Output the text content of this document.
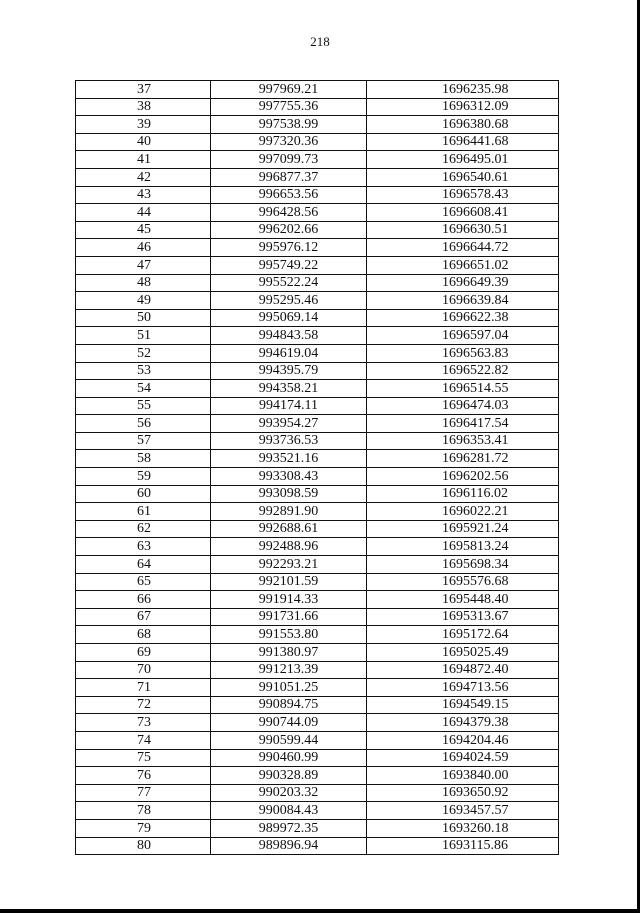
218
37	997969.21	1696235.98
38	997755.36	1696312.09
39	997538.99	1696380.68
40	997320.36	1696441.68
41	997099.73	1696495.01
42	996877.37	1696540.61
43	996653.56	1696578.43
44	996428.56	1696608.41
45	996202.66	1696630.51
46	995976.12	1696644.72
47	995749.22	1696651.02
48	995522.24	1696649.39
49	995295.46	1696639.84
50	995069.14	1696622.38
51	994843.58	1696597.04
52	994619.04	1696563.83
53	994395.79	1696522.82
54	994358.21	1696514.55
55	994174.11	1696474.03
56	993954.27	1696417.54
57	993736.53	1696353.41
58	993521.16	1696281.72
59	993308.43	1696202.56
60	993098.59	1696116.02
61	992891.90	1696022.21
62	992688.61	1695921.24
63	992488.96	1695813.24
64	992293.21	1695698.34
65	992101.59	1695576.68
66	991914.33	1695448.40
67	991731.66	1695313.67
68	991553.80	1695172.64
69	991380.97	1695025.49
70	991213.39	1694872.40
71	991051.25	1694713.56
72	990894.75	1694549.15
73	990744.09	1694379.38
74	990599.44	1694204.46
75	990460.99	1694024.59
76	990328.89	1693840.00
77	990203.32	1693650.92
78	990084.43	1693457.57
79	989972.35	1693260.18
80	989896.94	1693115.86
